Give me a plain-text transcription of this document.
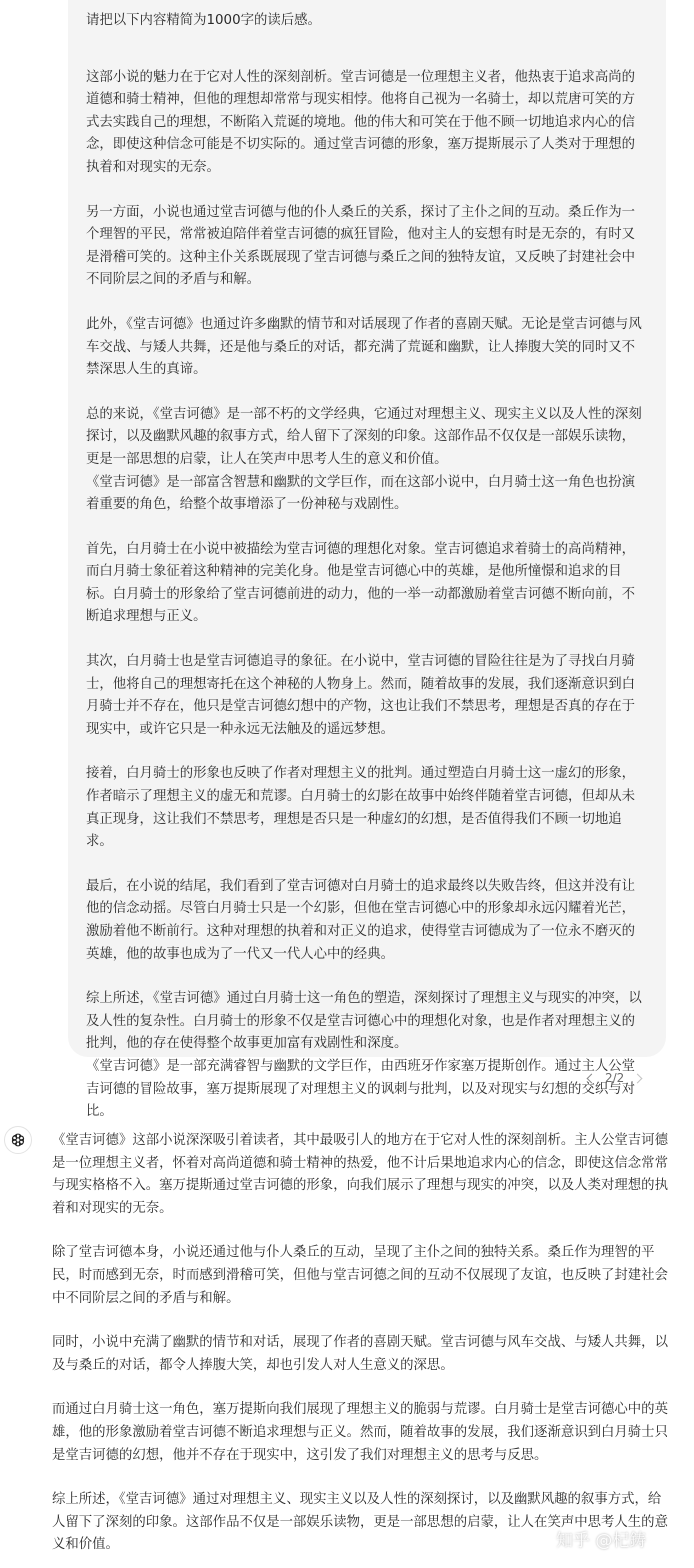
请把以下内容精简为1000字的读后感。

这部小说的魅力在于它对人性的深刻剖析。堂吉诃德是一位理想主义者，他热衷于追求高尚的道德和骑士精神，但他的理想却常常与现实相悖。他将自己视为一名骑士，却以荒唐可笑的方式去实践自己的理想，不断陷入荒诞的境地。他的伟大和可笑在于他不顾一切地追求内心的信念，即使这种信念可能是不切实际的。通过堂吉诃德的形象，塞万提斯展示了人类对于理想的执着和对现实的无奈。

另一方面，小说也通过堂吉诃德与他的仆人桑丘的关系，探讨了主仆之间的互动。桑丘作为一个理智的平民，常常被迫陪伴着堂吉诃德的疯狂冒险，他对主人的妄想有时是无奈的，有时又是滑稽可笑的。这种主仆关系既展现了堂吉诃德与桑丘之间的独特友谊，又反映了封建社会中不同阶层之间的矛盾与和解。

此外，《堂吉诃德》也通过许多幽默的情节和对话展现了作者的喜剧天赋。无论是堂吉诃德与风车交战、与矮人共舞，还是他与桑丘的对话，都充满了荒诞和幽默，让人捧腹大笑的同时又不禁深思人生的真谛。

总的来说，《堂吉诃德》是一部不朽的文学经典，它通过对理想主义、现实主义以及人性的深刻探讨，以及幽默风趣的叙事方式，给人留下了深刻的印象。这部作品不仅仅是一部娱乐读物，更是一部思想的启蒙，让人在笑声中思考人生的意义和价值。

《堂吉诃德》是一部富含智慧和幽默的文学巨作，而在这部小说中，白月骑士这一角色也扮演着重要的角色，给整个故事增添了一份神秘与戏剧性。

首先，白月骑士在小说中被描绘为堂吉诃德的理想化对象。堂吉诃德追求着骑士的高尚精神，而白月骑士象征着这种精神的完美化身。他是堂吉诃德心中的英雄，是他所憧憬和追求的目标。白月骑士的形象给了堂吉诃德前进的动力，他的一举一动都激励着堂吉诃德不断向前，不断追求理想与正义。

其次，白月骑士也是堂吉诃德追寻的象征。在小说中，堂吉诃德的冒险往往是为了寻找白月骑士，他将自己的理想寄托在这个神秘的人物身上。然而，随着故事的发展，我们逐渐意识到白月骑士并不存在，他只是堂吉诃德幻想中的产物，这也让我们不禁思考，理想是否真的存在于现实中，或许它只是一种永远无法触及的遥远梦想。

接着，白月骑士的形象也反映了作者对理想主义的批判。通过塑造白月骑士这一虚幻的形象，作者暗示了理想主义的虚无和荒谬。白月骑士的幻影在故事中始终伴随着堂吉诃德，但却从未真正现身，这让我们不禁思考，理想是否只是一种虚幻的幻想，是否值得我们不顾一切地追求。

最后，在小说的结尾，我们看到了堂吉诃德对白月骑士的追求最终以失败告终，但这并没有让他的信念动摇。尽管白月骑士只是一个幻影，但他在堂吉诃德心中的形象却永远闪耀着光芒，激励着他不断前行。这种对理想的执着和对正义的追求，使得堂吉诃德成为了一位永不磨灭的英雄，他的故事也成为了一代又一代人心中的经典。

综上所述，《堂吉诃德》通过白月骑士这一角色的塑造，深刻探讨了理想主义与现实的冲突，以及人性的复杂性。白月骑士的形象不仅是堂吉诃德心中的理想化对象，也是作者对理想主义的批判，他的存在使得整个故事更加富有戏剧性和深度。

《堂吉诃德》是一部充满睿智与幽默的文学巨作，由西班牙作家塞万提斯创作。通过主人公堂吉诃德的冒险故事，塞万提斯展现了对理想主义的讽刺与批判，以及对现实与幻想的交织与对比。

2/2

《堂吉诃德》这部小说深深吸引着读者，其中最吸引人的地方在于它对人性的深刻剖析。主人公堂吉诃德是一位理想主义者，怀着对高尚道德和骑士精神的热爱，他不计后果地追求内心的信念，即使这信念常常与现实格格不入。塞万提斯通过堂吉诃德的形象，向我们展示了理想与现实的冲突，以及人类对理想的执着和对现实的无奈。

除了堂吉诃德本身，小说还通过他与仆人桑丘的互动，呈现了主仆之间的独特关系。桑丘作为理智的平民，时而感到无奈，时而感到滑稽可笑，但他与堂吉诃德之间的互动不仅展现了友谊，也反映了封建社会中不同阶层之间的矛盾与和解。

同时，小说中充满了幽默的情节和对话，展现了作者的喜剧天赋。堂吉诃德与风车交战、与矮人共舞，以及与桑丘的对话，都令人捧腹大笑，却也引发人对人生意义的深思。

而通过白月骑士这一角色，塞万提斯向我们展现了理想主义的脆弱与荒谬。白月骑士是堂吉诃德心中的英雄，他的形象激励着堂吉诃德不断追求理想与正义。然而，随着故事的发展，我们逐渐意识到白月骑士只是堂吉诃德的幻想，他并不存在于现实中，这引发了我们对理想主义的思考与反思。

综上所述，《堂吉诃德》通过对理想主义、现实主义以及人性的深刻探讨，以及幽默风趣的叙事方式，给人留下了深刻的印象。这部作品不仅是一部娱乐读物，更是一部思想的启蒙，让人在笑声中思考人生的意义和价值。	知乎 @杞鋳
